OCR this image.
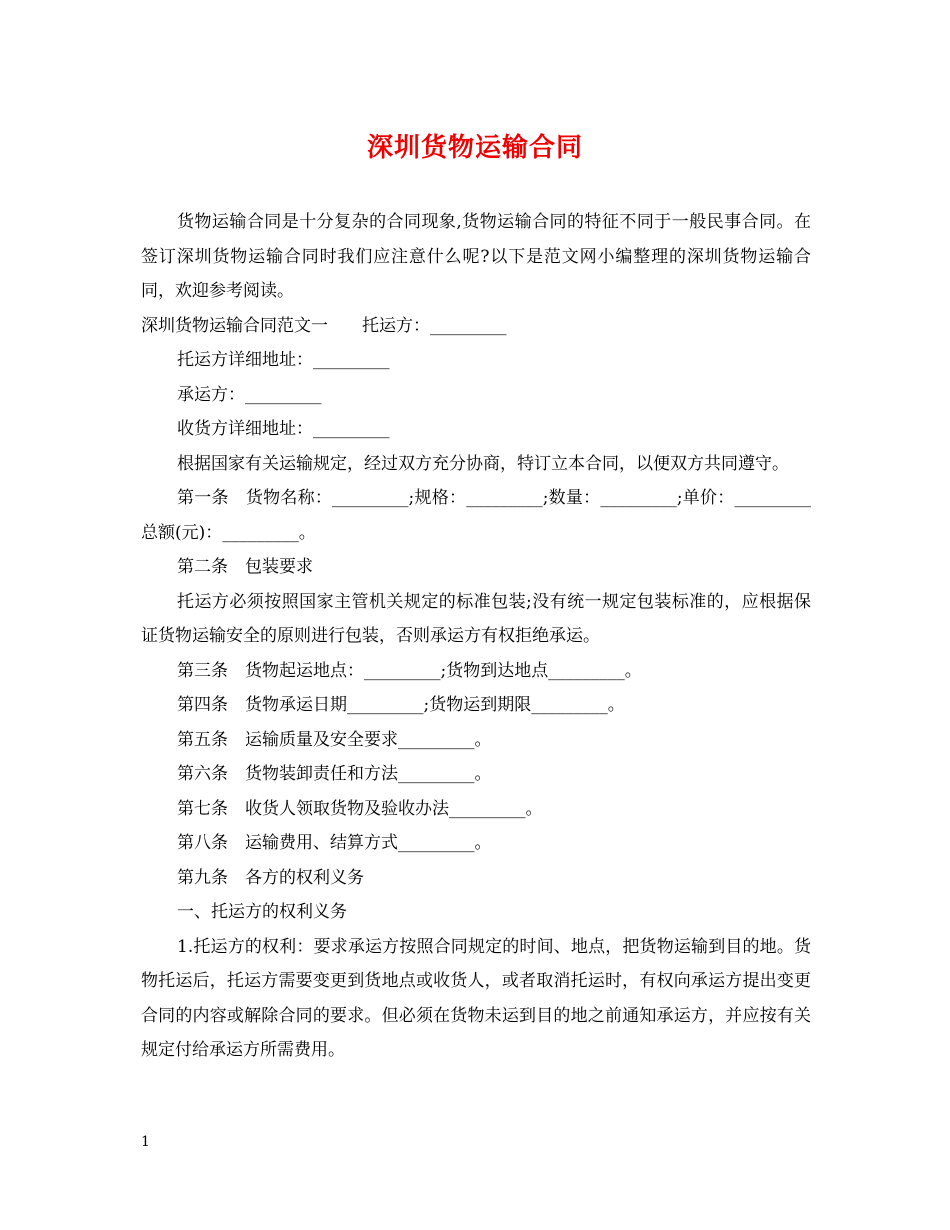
深圳货物运输合同

货物运输合同是十分复杂的合同现象,货物运输合同的特征不同于一般民事合同。在签订深圳货物运输合同时我们应注意什么呢?以下是范文网小编整理的深圳货物运输合同，欢迎参考阅读。

深圳货物运输合同范文一　　托运方：_________

托运方详细地址：_________

承运方：_________

收货方详细地址：_________

根据国家有关运输规定，经过双方充分协商，特订立本合同，以便双方共同遵守。

第一条　货物名称：_________;规格：_________;数量：_________;单价：_________总额(元)：_________。

第二条　包装要求

托运方必须按照国家主管机关规定的标准包装;没有统一规定包装标准的，应根据保证货物运输安全的原则进行包装，否则承运方有权拒绝承运。

第三条　货物起运地点：_________;货物到达地点_________。

第四条　货物承运日期_________;货物运到期限_________。

第五条　运输质量及安全要求_________。

第六条　货物装卸责任和方法_________。

第七条　收货人领取货物及验收办法_________。

第八条　运输费用、结算方式_________。

第九条　各方的权利义务

一、托运方的权利义务

1.托运方的权利：要求承运方按照合同规定的时间、地点，把货物运输到目的地。货物托运后，托运方需要变更到货地点或收货人，或者取消托运时，有权向承运方提出变更合同的内容或解除合同的要求。但必须在货物未运到目的地之前通知承运方，并应按有关规定付给承运方所需费用。

1
